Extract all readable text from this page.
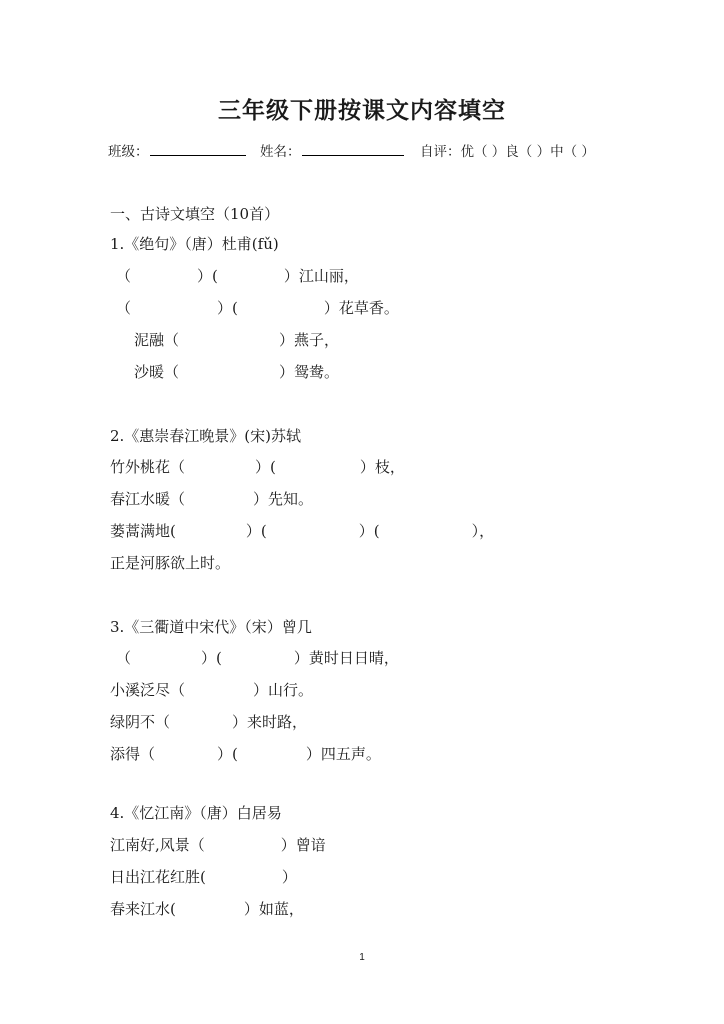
三年级下册按课文内容填空
班级：	姓名：	自评：优（ ）良（ ）中（ ）
一、古诗文填空（10首）
1.《绝句》（唐）杜甫(fǔ)
（	）(	）江山丽，
（	）(	）花草香。
泥融（	）燕子，
沙暖（	）鸳鸯。
2.《惠崇春江晚景》(宋)苏轼
竹外桃花（	）(	）枝，
春江水暖（	）先知。
蒌蒿满地(	）(	）(	），
正是河豚欲上时。
3.《三衢道中宋代》（宋）曾几
（	）(	）黄时日日晴，
小溪泛尽（	）山行。
绿阴不（	）来时路，
添得（	）(	）四五声。
4.《忆江南》（唐）白居易
江南好,风景（	）曾谙
日出江花红胜(	）
春来江水(	）如蓝，
1
